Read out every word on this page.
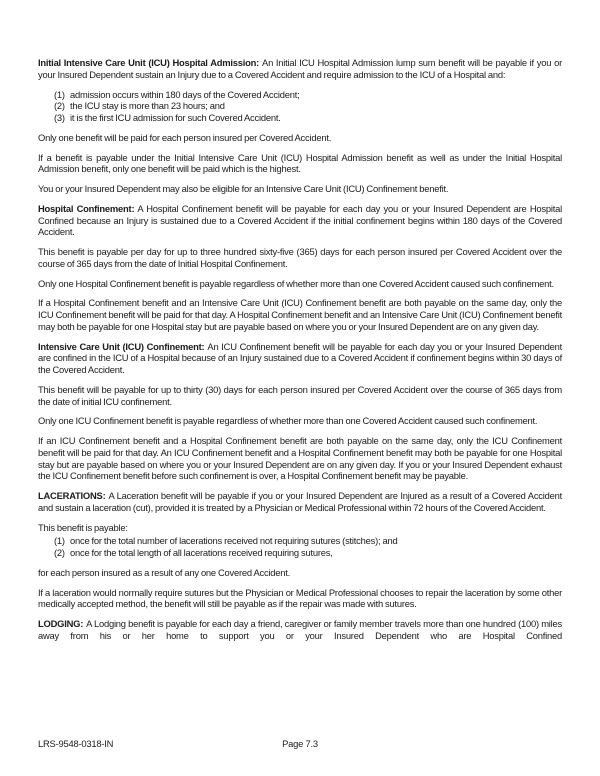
Initial Intensive Care Unit (ICU) Hospital Admission: An Initial ICU Hospital Admission lump sum benefit will be payable if you or your Insured Dependent sustain an Injury due to a Covered Accident and require admission to the ICU of a Hospital and:

(1) admission occurs within 180 days of the Covered Accident;
(2) the ICU stay is more than 23 hours; and
(3) it is the first ICU admission for such Covered Accident.

Only one benefit will be paid for each person insured per Covered Accident.

If a benefit is payable under the Initial Intensive Care Unit (ICU) Hospital Admission benefit as well as under the Initial Hospital Admission benefit, only one benefit will be paid which is the highest.

You or your Insured Dependent may also be eligible for an Intensive Care Unit (ICU) Confinement benefit.

Hospital Confinement: A Hospital Confinement benefit will be payable for each day you or your Insured Dependent are Hospital Confined because an Injury is sustained due to a Covered Accident if the initial confinement begins within 180 days of the Covered Accident.

This benefit is payable per day for up to three hundred sixty-five (365) days for each person insured per Covered Accident over the course of 365 days from the date of Initial Hospital Confinement.

Only one Hospital Confinement benefit is payable regardless of whether more than one Covered Accident caused such confinement.

If a Hospital Confinement benefit and an Intensive Care Unit (ICU) Confinement benefit are both payable on the same day, only the ICU Confinement benefit will be paid for that day. A Hospital Confinement benefit and an Intensive Care Unit (ICU) Confinement benefit may both be payable for one Hospital stay but are payable based on where you or your Insured Dependent are on any given day.

Intensive Care Unit (ICU) Confinement: An ICU Confinement benefit will be payable for each day you or your Insured Dependent are confined in the ICU of a Hospital because of an Injury sustained due to a Covered Accident if confinement begins within 30 days of the Covered Accident.

This benefit will be payable for up to thirty (30) days for each person insured per Covered Accident over the course of 365 days from the date of initial ICU confinement.

Only one ICU Confinement benefit is payable regardless of whether more than one Covered Accident caused such confinement.

If an ICU Confinement benefit and a Hospital Confinement benefit are both payable on the same day, only the ICU Confinement benefit will be paid for that day. An ICU Confinement benefit and a Hospital Confinement benefit may both be payable for one Hospital stay but are payable based on where you or your Insured Dependent are on any given day. If you or your Insured Dependent exhaust the ICU Confinement benefit before such confinement is over, a Hospital Confinement benefit may be payable.

LACERATIONS: A Laceration benefit will be payable if you or your Insured Dependent are Injured as a result of a Covered Accident and sustain a laceration (cut), provided it is treated by a Physician or Medical Professional within 72 hours of the Covered Accident.

This benefit is payable:

(1) once for the total number of lacerations received not requiring sutures (stitches); and
(2) once for the total length of all lacerations received requiring sutures,

for each person insured as a result of any one Covered Accident.

If a laceration would normally require sutures but the Physician or Medical Professional chooses to repair the laceration by some other medically accepted method, the benefit will still be payable as if the repair was made with sutures.

LODGING: A Lodging benefit is payable for each day a friend, caregiver or family member travels more than one hundred (100) miles away from his or her home to support you or your Insured Dependent who are Hospital Confined

LRS-9548-0318-IN	Page 7.3
